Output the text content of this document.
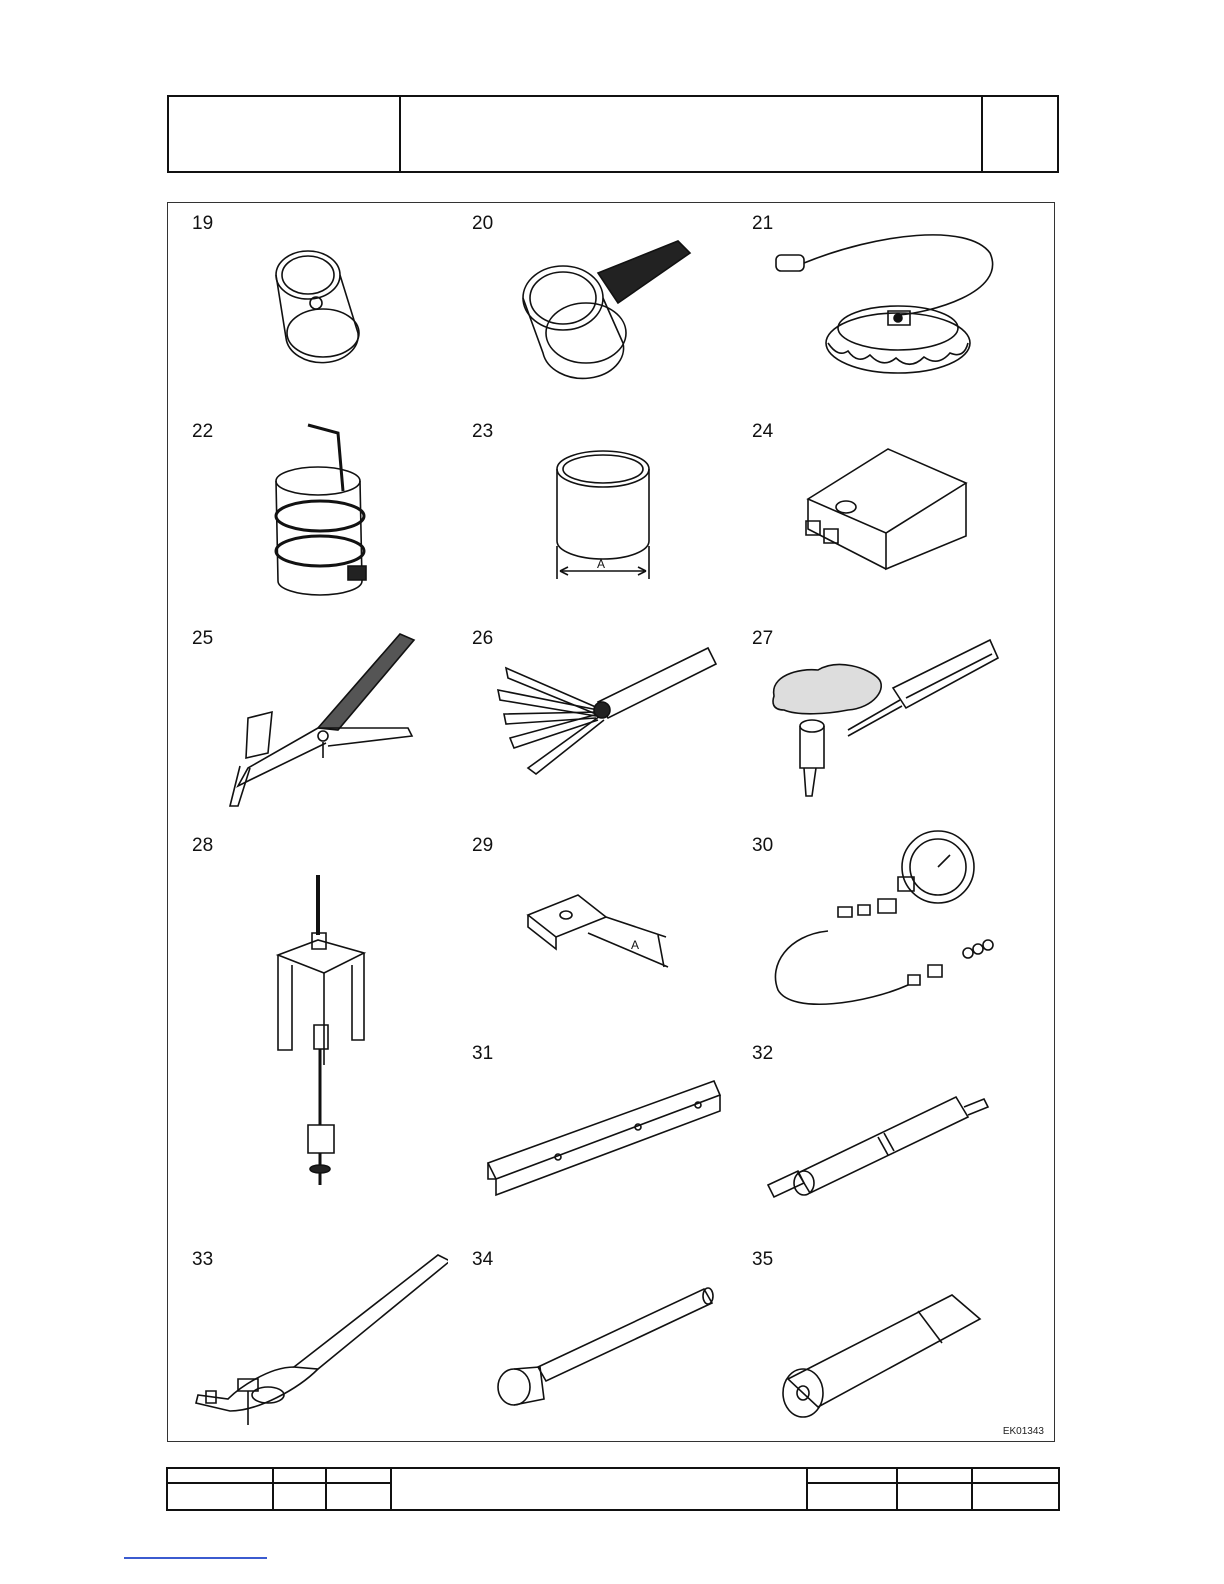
19	20	21
22	23
A
24
25	26	27
28	29
A
30
31	32
33	34	35
EK01343
